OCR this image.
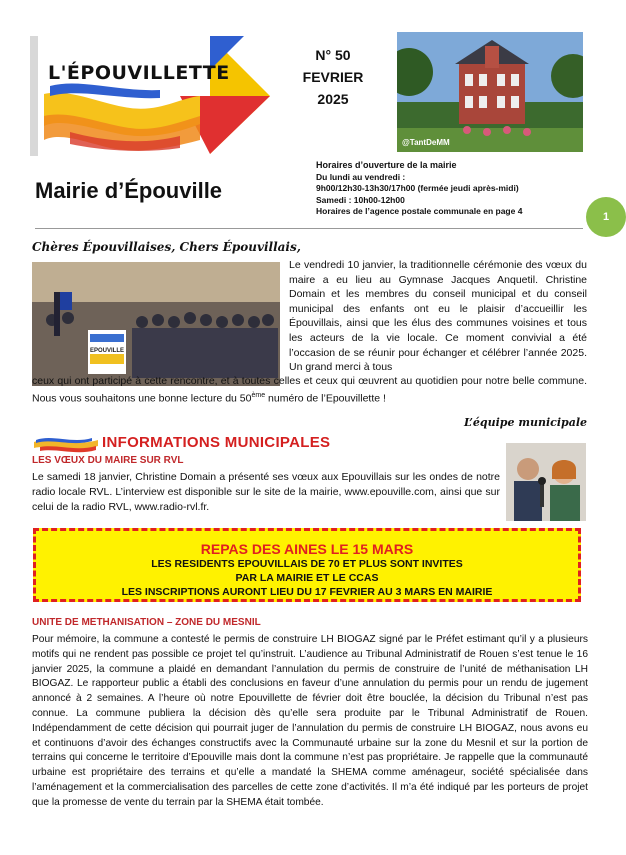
L'ÉPOUVILLETTE
N° 50
FEVRIER
2025
@TantDeMM
Mairie d’Épouville
Horaires d’ouverture de la mairie
Du lundi au vendredi :
9h00/12h30-13h30/17h00 (fermée jeudi après-midi)
Samedi : 10h00-12h00
Horaires de l’agence postale communale en page 4	1
Chères Épouvillaises, Chers Épouvillais,
EPOUVILLE
Le vendredi 10 janvier, la traditionnelle cérémonie des vœux du maire a eu lieu au Gymnase Jacques Anquetil. Christine Domain et les membres du conseil municipal et du conseil municipal des enfants ont eu le plaisir d’accueillir les Épouvillais, ainsi que les élus des communes voisines et tous les acteurs de la vie locale. Ce moment convivial a été l’occasion de se réunir pour échanger et célébrer l’année 2025. Un grand merci à tous
ceux qui ont participé à cette rencontre, et à toutes celles et ceux qui œuvrent au quotidien pour notre belle commune. Nous vous souhaitons une bonne lecture du 50ème numéro de l’Epouvillette !
L’équipe municipale
INFORMATIONS MUNICIPALES
LES VŒUX DU MAIRE SUR RVL
Le samedi 18 janvier, Christine Domain a présenté ses vœux aux Epouvillais sur les ondes de notre radio locale RVL. L’interview est disponible sur le site de la mairie, www.epouville.com, ainsi que sur celui de la radio RVL, www.radio-rvl.fr.
REPAS DES AINES LE 15 MARS
LES RESIDENTS EPOUVILLAIS DE 70 ET PLUS SONT INVITES
PAR LA MAIRIE ET LE CCAS
LES INSCRIPTIONS AURONT LIEU DU 17 FEVRIER AU 3 MARS EN MAIRIE
UNITE DE METHANISATION – ZONE DU MESNIL
Pour mémoire, la commune a contesté le permis de construire LH BIOGAZ signé par le Préfet estimant qu’il y a plusieurs motifs qui ne rendent pas possible ce projet tel qu’instruit. L’audience au Tribunal Administratif de Rouen s’est tenue le 16 janvier 2025, la commune a plaidé en demandant l’annulation du permis de construire de l’unité de méthanisation LH BIOGAZ. Le rapporteur public a établi des conclusions en faveur d’une annulation du permis pour un rendu de jugement annoncé à 2 semaines. A l’heure où notre Epouvillette de février doit être bouclée, la décision du Tribunal n’est pas connue. La commune publiera la décision dès qu’elle sera produite par le Tribunal Administratif de Rouen. Indépendamment de cette décision qui pourrait juger de l’annulation du permis de construire LH BIOGAZ, nous avons eu et continuons d’avoir des échanges constructifs avec la Communauté urbaine sur la zone du Mesnil et sur la portion de terrains qui concerne le territoire d’Epouville mais dont la commune n’est pas propriétaire. Je rappelle que la communauté urbaine est propriétaire des terrains et qu’elle a mandaté la SHEMA comme aménageur, société spécialisée dans l’aménagement et la commercialisation des parcelles de cette zone d’activités. Il m’a été indiqué par les porteurs de projet que la promesse de vente du terrain par la SHEMA était tombée.
